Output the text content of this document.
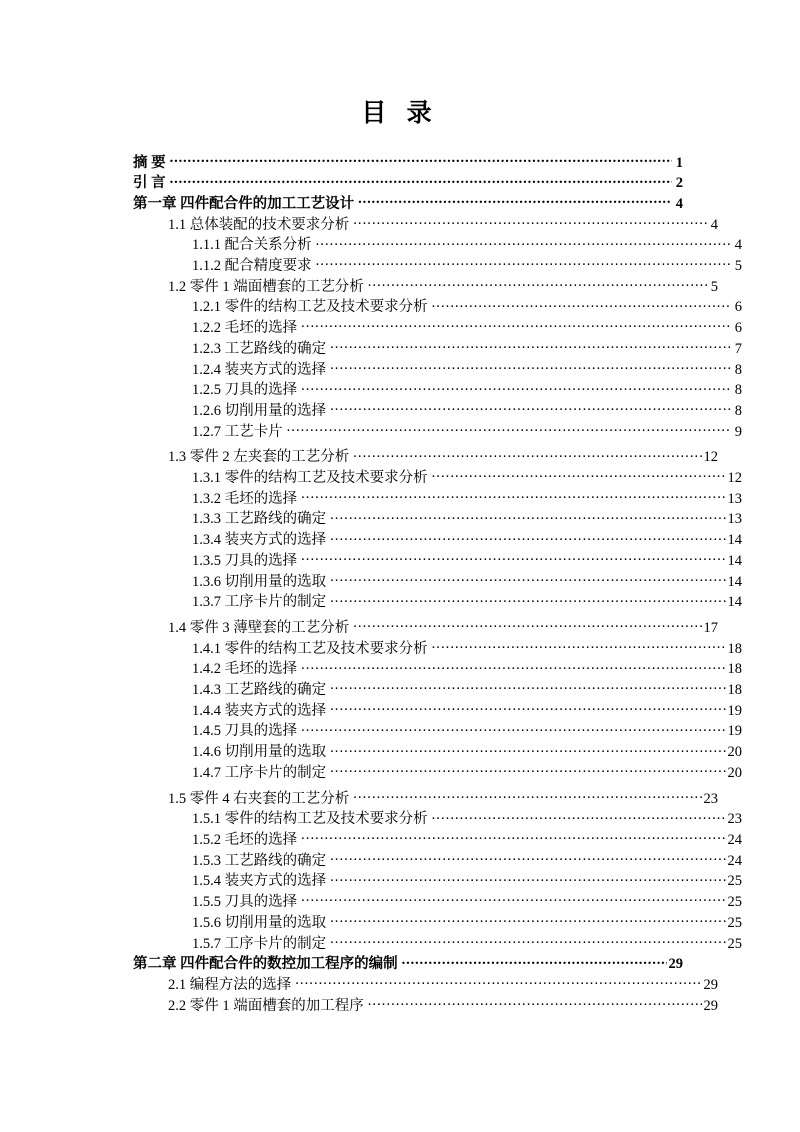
目 录
摘 要 .....	1
引 言 .....	2
第一章 四件配合件的加工工艺设计 .....	4
1.1 总体装配的技术要求分析 .....	4
1.1.1 配合关系分析 .....	4
1.1.2 配合精度要求 .....	5
1.2 零件 1 端面槽套的工艺分析 .....	5
1.2.1 零件的结构工艺及技术要求分析 .....	6
1.2.2 毛坯的选择 .....	6
1.2.3 工艺路线的确定 .....	7
1.2.4 装夹方式的选择 .....	8
1.2.5 刀具的选择 .....	8
1.2.6 切削用量的选择 .....	8
1.2.7 工艺卡片 .....	9
1.3 零件 2 左夹套的工艺分析 .....	12
1.3.1 零件的结构工艺及技术要求分析 .....	12
1.3.2 毛坯的选择 .....	13
1.3.3 工艺路线的确定 .....	13
1.3.4 装夹方式的选择 .....	14
1.3.5 刀具的选择 .....	14
1.3.6 切削用量的选取 .....	14
1.3.7 工序卡片的制定 .....	14
1.4 零件 3 薄壁套的工艺分析 .....	17
1.4.1 零件的结构工艺及技术要求分析 .....	18
1.4.2 毛坯的选择 .....	18
1.4.3 工艺路线的确定 .....	18
1.4.4 装夹方式的选择 .....	19
1.4.5 刀具的选择 .....	19
1.4.6 切削用量的选取 .....	20
1.4.7 工序卡片的制定 .....	20
1.5 零件 4 右夹套的工艺分析 .....	23
1.5.1 零件的结构工艺及技术要求分析 .....	23
1.5.2 毛坯的选择 .....	24
1.5.3 工艺路线的确定 .....	24
1.5.4 装夹方式的选择 .....	25
1.5.5 刀具的选择 .....	25
1.5.6 切削用量的选取 .....	25
1.5.7 工序卡片的制定 .....	25
第二章 四件配合件的数控加工程序的编制 .....	29
2.1 编程方法的选择 .....	29
2.2 零件 1 端面槽套的加工程序 .....	29
